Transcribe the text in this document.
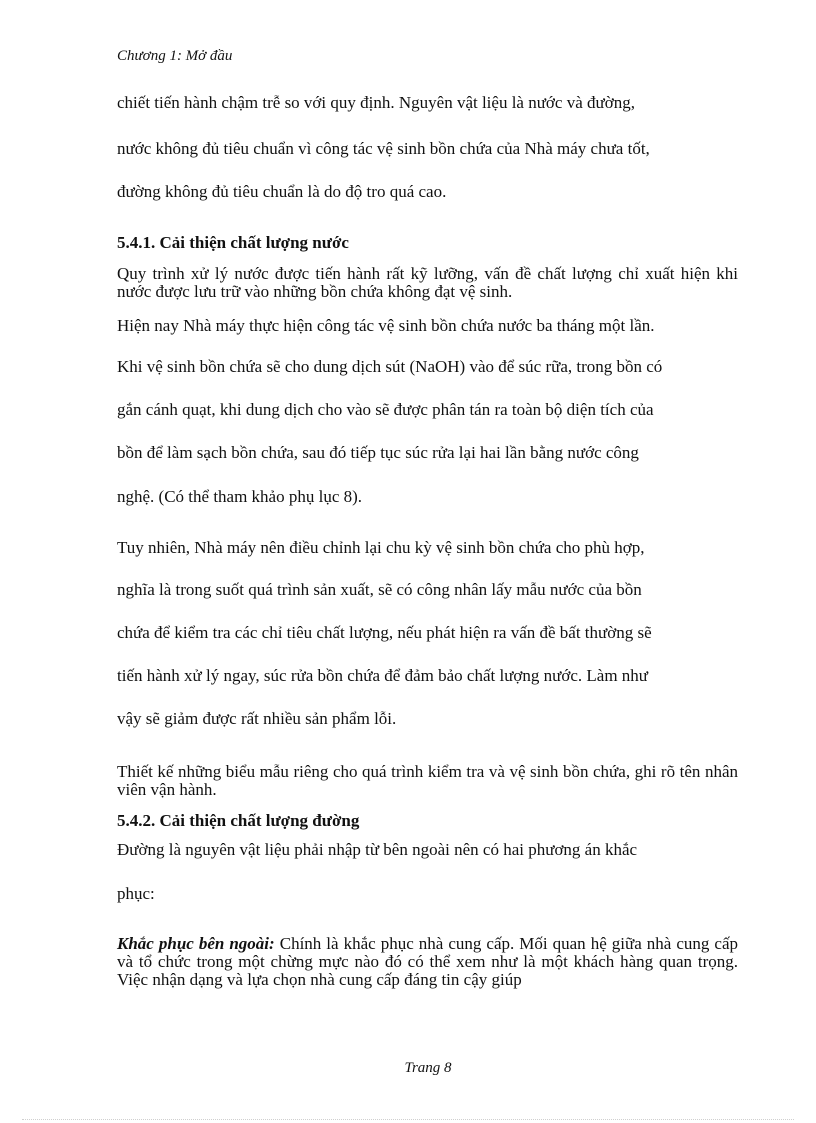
Chương 1: Mở đầu
chiết tiến hành chậm trễ so với quy định. Nguyên vật liệu là nước và đường,
nước không đủ tiêu chuẩn vì công tác vệ sinh bồn chứa của Nhà máy chưa tốt,
đường không đủ tiêu chuẩn là do độ tro quá cao.
5.4.1. Cải thiện chất lượng nước
Quy trình xử lý nước được tiến hành rất kỹ lưỡng, vấn đề chất lượng chỉ xuất hiện khi nước được lưu trữ vào những bồn chứa không đạt vệ sinh.
Hiện nay Nhà máy thực hiện công tác vệ sinh bồn chứa nước ba tháng một lần.
Khi vệ sinh bồn chứa sẽ cho dung dịch sút (NaOH) vào để súc rữa, trong bồn có
gắn cánh quạt, khi dung dịch cho vào sẽ được phân tán ra toàn bộ diện tích của
bồn để làm sạch bồn chứa, sau đó tiếp tục súc rửa lại hai lần bằng nước công
nghệ. (Có thể tham khảo phụ lục 8).
Tuy nhiên, Nhà máy nên điều chỉnh lại chu kỳ vệ sinh bồn chứa cho phù hợp,
nghĩa là trong suốt quá trình sản xuất, sẽ có công nhân lấy mẫu nước của bồn
chứa để kiểm tra các chỉ tiêu chất lượng, nếu phát hiện ra vấn đề bất thường sẽ
tiến hành xử lý ngay, súc rửa bồn chứa để đảm bảo chất lượng nước. Làm như
vậy sẽ giảm được rất nhiều sản phẩm lỗi.
Thiết kế những biểu mẫu riêng cho quá trình kiểm tra và vệ sinh bồn chứa, ghi rõ tên nhân viên vận hành.
5.4.2. Cải thiện chất lượng đường
Đường là nguyên vật liệu phải nhập từ bên ngoài nên có hai phương án khắc
phục:
Khắc phục bên ngoài: Chính là khắc phục nhà cung cấp. Mối quan hệ giữa nhà cung cấp và tổ chức trong một chừng mực nào đó có thể xem như là một khách hàng quan trọng. Việc nhận dạng và lựa chọn nhà cung cấp đáng tin cậy giúp
Trang 8
